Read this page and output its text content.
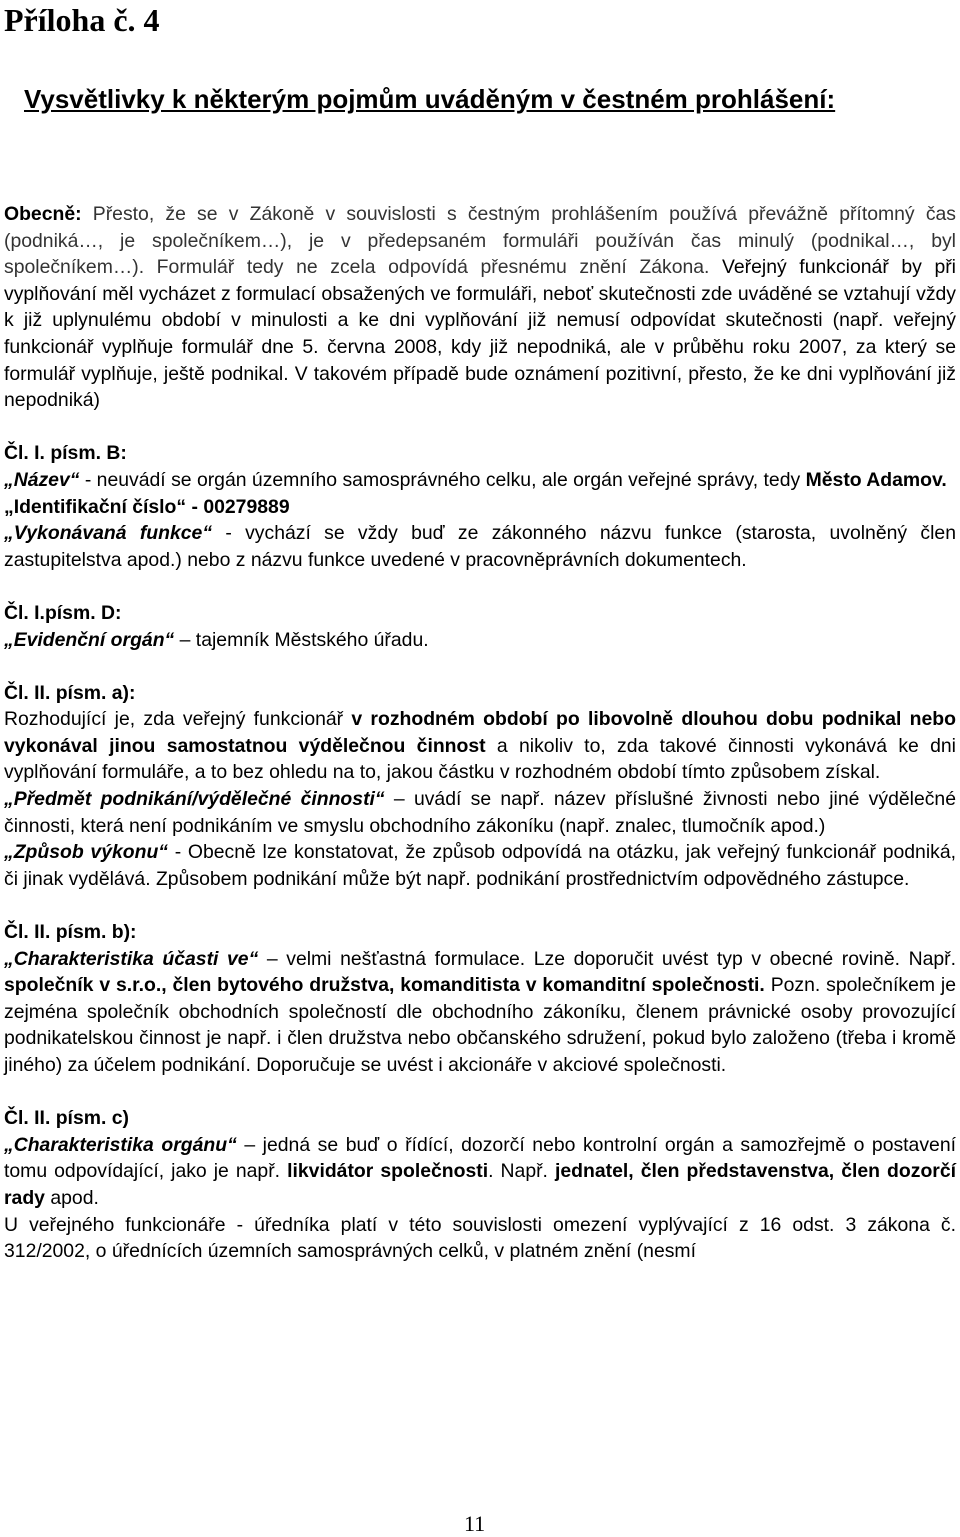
Příloha č. 4
Vysvětlivky k některým pojmům uváděným v čestném prohlášení:

Obecně: Přesto, že se v Zákoně v souvislosti s čestným prohlášením používá převážně přítomný čas (podniká…, je společníkem…), je v předepsaném formuláři používán čas minulý (podnikal…, byl společníkem…). Formulář tedy ne zcela odpovídá přesnému znění Zákona. Veřejný funkcionář by při vyplňování měl vycházet z formulací obsažených ve formuláři, neboť skutečnosti zde uváděné se vztahují vždy k již uplynulému období v minulosti a ke dni vyplňování již nemusí odpovídat skutečnosti (např. veřejný funkcionář vyplňuje formulář dne 5. června 2008, kdy již nepodniká, ale v průběhu roku 2007, za který se formulář vyplňuje, ještě podnikal. V takovém případě bude oznámení pozitivní, přesto, že ke dni vyplňování již nepodniká)

Čl. I. písm. B:

„Název“ - neuvádí se orgán územního samosprávného celku, ale orgán veřejné správy, tedy Město Adamov.

„Identifikační číslo“ - 00279889

„Vykonávaná funkce“ - vychází se vždy buď ze zákonného názvu funkce (starosta, uvolněný člen zastupitelstva apod.) nebo z názvu funkce uvedené v pracovněprávních dokumentech.

Čl. I.písm. D:

„Evidenční orgán“ – tajemník Městského úřadu.

Čl. II. písm. a):

Rozhodující je, zda veřejný funkcionář v rozhodném období po libovolně dlouhou dobu podnikal nebo vykonával jinou samostatnou výdělečnou činnost a nikoliv to, zda takové činnosti vykonává ke dni vyplňování formuláře, a to bez ohledu na to, jakou částku v rozhodném období tímto způsobem získal.

„Předmět podnikání/výdělečné činnosti“ – uvádí se např. název příslušné živnosti nebo jiné výdělečné činnosti, která není podnikáním ve smyslu obchodního zákoníku (např. znalec, tlumočník apod.)

„Způsob výkonu“ - Obecně lze konstatovat, že způsob odpovídá na otázku, jak veřejný funkcionář podniká, či jinak vydělává. Způsobem podnikání může být např. podnikání prostřednictvím odpovědného zástupce.

Čl. II. písm. b):

„Charakteristika účasti ve“ – velmi nešťastná formulace. Lze doporučit uvést typ v obecné rovině. Např. společník v s.r.o., člen bytového družstva, komanditista v komanditní společnosti. Pozn. společníkem je zejména společník obchodních společností dle obchodního zákoníku, členem právnické osoby provozující podnikatelskou činnost je např. i člen družstva nebo občanského sdružení, pokud bylo založeno (třeba i kromě jiného) za účelem podnikání. Doporučuje se uvést i akcionáře v akciové společnosti.

Čl. II. písm. c)

„Charakteristika orgánu“ – jedná se buď o řídící, dozorčí nebo kontrolní orgán a samozřejmě o postavení tomu odpovídající, jako je např. likvidátor společnosti. Např. jednatel, člen představenstva, člen dozorčí rady apod.

U veřejného funkcionáře - úředníka platí v této souvislosti omezení vyplývající z 16 odst. 3 zákona č. 312/2002, o úřednících územních samosprávných celků, v platném znění (nesmí

11
